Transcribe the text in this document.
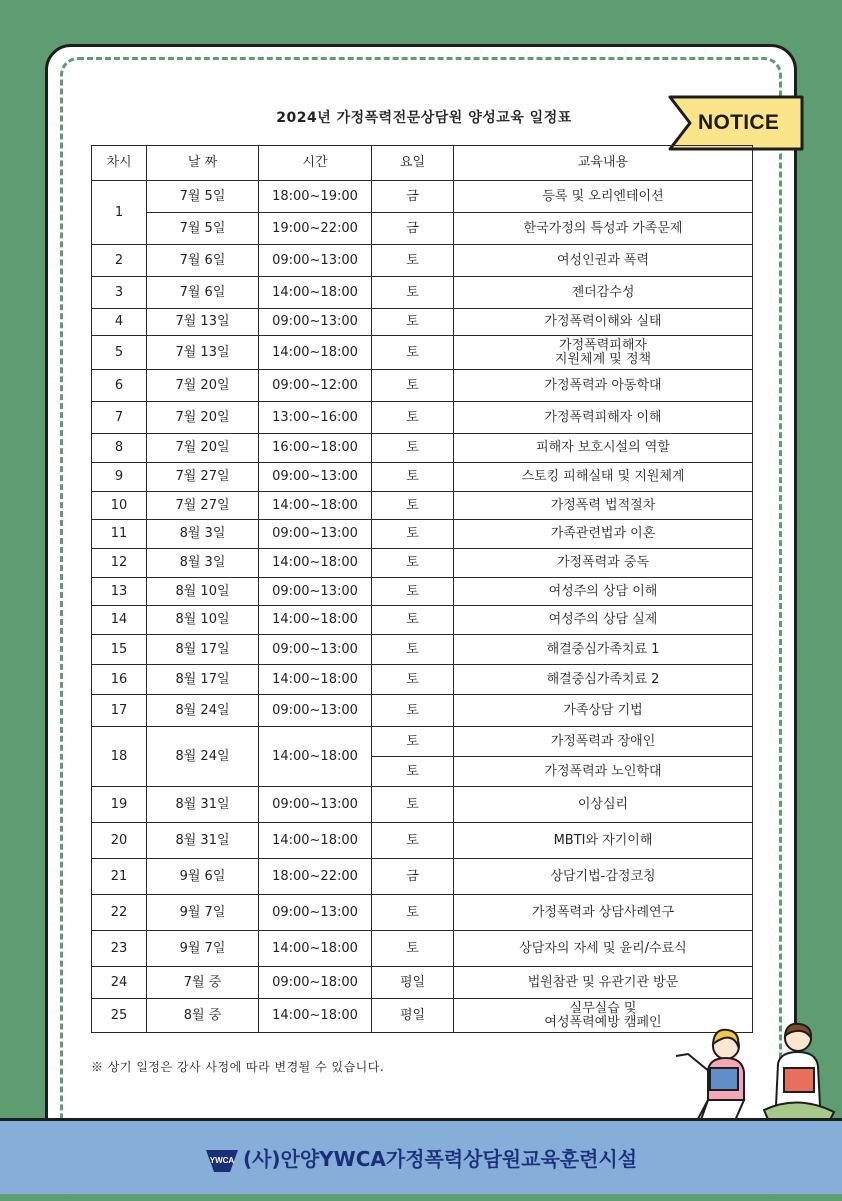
2024년 가정폭력전문상담원 양성교육 일정표	NOTICE
차시	날 짜	시간	요일	교육내용
1	7월 5일	18:00~19:00	금	등록 및 오리엔테이션
	7월 5일	19:00~22:00	금	한국가정의 특성과 가족문제
2	7월 6일	09:00~13:00	토	여성인권과 폭력
3	7월 6일	14:00~18:00	토	젠더감수성
4	7월 13일	09:00~13:00	토	가정폭력이해와 실태
5	7월 13일	14:00~18:00	토	가정폭력피해자
지원체계 및 정책

6	7월 20일	09:00~12:00	토	가정폭력과 아동학대
7	7월 20일	13:00~16:00	토	가정폭력피해자 이해
8	7월 20일	16:00~18:00	토	피해자 보호시설의 역할
9	7월 27일	09:00~13:00	토	스토킹 피해실태 및 지원체계
10	7월 27일	14:00~18:00	토	가정폭력 법적절차
11	8월 3일	09:00~13:00	토	가족관련법과 이혼
12	8월 3일	14:00~18:00	토	가정폭력과 중독
13	8월 10일	09:00~13:00	토	여성주의 상담 이해
14	8월 10일	14:00~18:00	토	여성주의 상담 실제
15	8월 17일	09:00~13:00	토	해결중심가족치료 1
16	8월 17일	14:00~18:00	토	해결중심가족치료 2
17	8월 24일	09:00~13:00	토	가족상담 기법
18	8월 24일	14:00~18:00	토	가정폭력과 장애인
			토	가정폭력과 노인학대
19	8월 31일	09:00~13:00	토	이상심리
20	8월 31일	14:00~18:00	토	MBTI와 자기이해
21	9월 6일	18:00~22:00	금	상담기법-감정코칭
22	9월 7일	09:00~13:00	토	가정폭력과 상담사례연구
23	9월 7일	14:00~18:00	토	상담자의 자세 및 윤리/수료식
24	7월 중	09:00~18:00	평일	법원참관 및 유관기관 방문
25	8월 중	14:00~18:00	평일	실무실습 및
여성폭력예방 캠페인
※ 상기 일정은 강사 사정에 따라 변경될 수 있습니다.
YWCA (사)안양YWCA가정폭력상담원교육훈련시설
